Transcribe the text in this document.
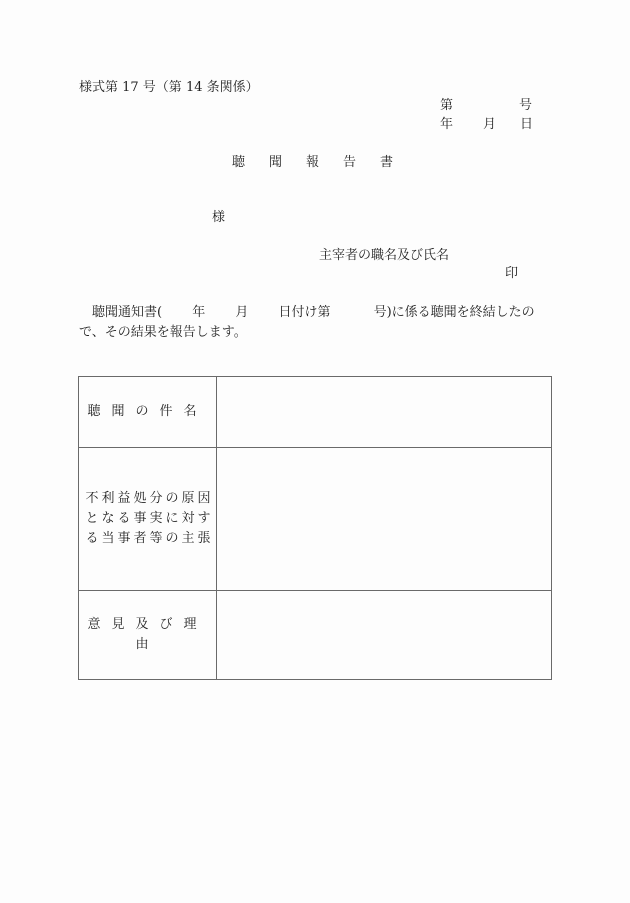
様式第 17 号（第 14 条関係）
第	号
年 月 日
聴聞報告書
様
主宰者の職名及び氏名
印
　聴聞通知書(　　 年　　 月　　 日付け第　　　 号)に係る聴聞を終結したので、その結果を報告します。
聴聞の件名	
不利益処分の原因となる事実に対する当事者等の主張	
意見及び理由	
